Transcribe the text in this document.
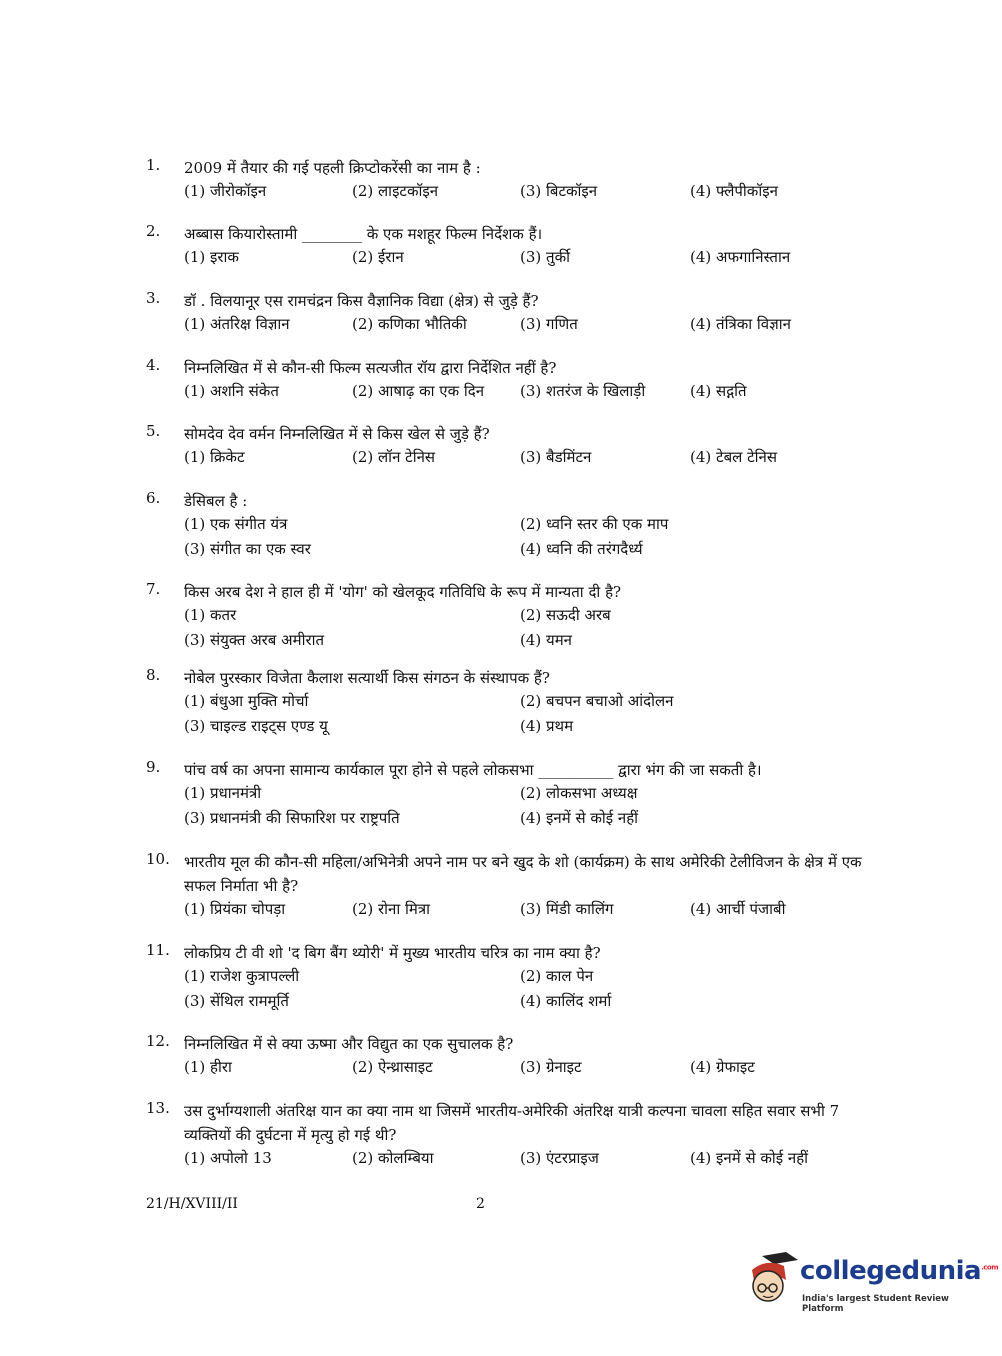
1.	2009 में तैयार की गई पहली क्रिप्टोकरेंसी का नाम है :
(1) जीरोकॉइन	(2) लाइटकॉइन	(3) बिटकॉइन	(4) फ्लैपीकॉइन
2.	अब्बास कियारोस्तामी ________ के एक मशहूर फिल्म निर्देशक हैं।
(1) इराक	(2) ईरान	(3) तुर्की	(4) अफगानिस्तान
3.	डॉ . विलयानूर एस रामचंद्रन किस वैज्ञानिक विद्या (क्षेत्र) से जुड़े हैं?
(1) अंतरिक्ष विज्ञान	(2) कणिका भौतिकी	(3) गणित	(4) तंत्रिका विज्ञान
4.	निम्नलिखित में से कौन-सी फिल्म सत्यजीत रॉय द्वारा निर्देशित नहीं है?
(1) अशनि संकेत	(2) आषाढ़ का एक दिन (3) शतरंज के खिलाड़ी	(4) सद्गति
5.	सोमदेव देव वर्मन निम्नलिखित में से किस खेल से जुड़े हैं?
(1) क्रिकेट	(2) लॉन टेनिस	(3) बैडमिंटन	(4) टेबल टेनिस
6.	डेसिबल है :
(1) एक संगीत यंत्र	(2) ध्वनि स्तर की एक माप
(3) संगीत का एक स्वर	(4) ध्वनि की तरंगदैर्ध्य
7.	किस अरब देश ने हाल ही में 'योग' को खेलकूद गतिविधि के रूप में मान्यता दी है?
(1) कतर	(2) सऊदी अरब
(3) संयुक्त अरब अमीरात	(4) यमन
8.	नोबेल पुरस्कार विजेता कैलाश सत्यार्थी किस संगठन के संस्थापक हैं?
(1) बंधुआ मुक्ति मोर्चा	(2) बचपन बचाओ आंदोलन
(3) चाइल्ड राइट्स एण्ड यू	(4) प्रथम
9.	पांच वर्ष का अपना सामान्य कार्यकाल पूरा होने से पहले लोकसभा __________ द्वारा भंग की जा सकती है।
(1) प्रधानमंत्री	(2) लोकसभा अध्यक्ष
(3) प्रधानमंत्री की सिफारिश पर राष्ट्रपति	(4) इनमें से कोई नहीं
10. भारतीय मूल की कौन-सी महिला/अभिनेत्री अपने नाम पर बने खुद के शो (कार्यक्रम) के साथ अमेरिकी टेलीविजन के क्षेत्र में एक सफल निर्माता भी है?
(1) प्रियंका चोपड़ा	(2) रोना मित्रा	(3) मिंडी कालिंग	(4) आर्ची पंजाबी
11. लोकप्रिय टी वी शो 'द बिग बैंग थ्योरी' में मुख्य भारतीय चरित्र का नाम क्या है?
(1) राजेश कुत्रापल्ली	(2) काल पेन
(3) सेंथिल राममूर्ति	(4) कालिंद शर्मा
12. निम्नलिखित में से क्या ऊष्मा और विद्युत का एक सुचालक है?
(1) हीरा	(2) ऐन्थ्रासाइट	(3) ग्रेनाइट	(4) ग्रेफाइट
13. उस दुर्भाग्यशाली अंतरिक्ष यान का क्या नाम था जिसमें भारतीय-अमेरिकी अंतरिक्ष यात्री कल्पना चावला सहित सवार सभी 7 व्यक्तियों की दुर्घटना में मृत्यु हो गई थी?
(1) अपोलो 13	(2) कोलम्बिया	(3) एंटरप्राइज	(4) इनमें से कोई नहीं
21/H/XVIII/II	2
collegedunia$^{.com}$
India's largest Student Review Platform
